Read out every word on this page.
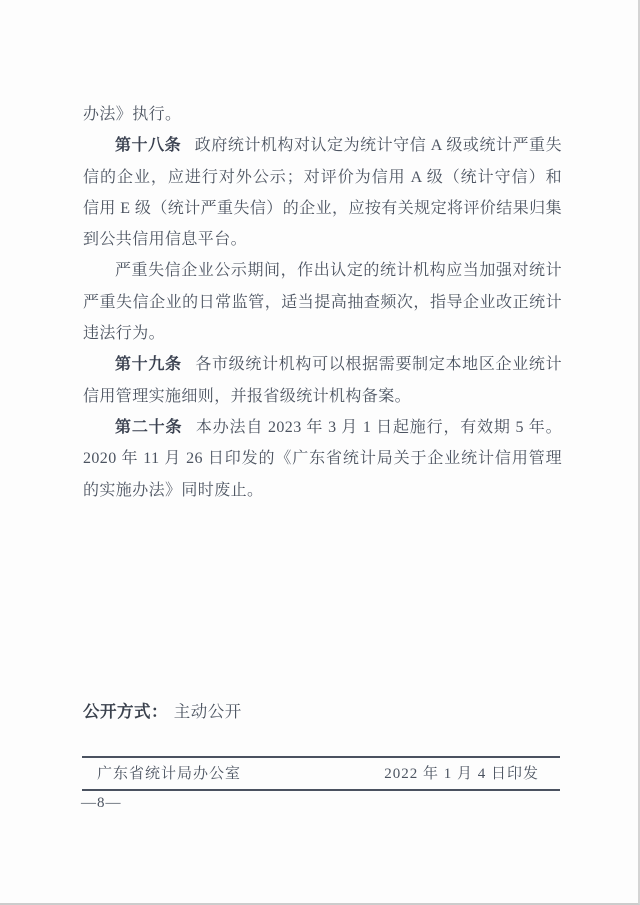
办法》执行。

第十八条 政府统计机构对认定为统计守信 A 级或统计严重失信的企业，应进行对外公示；对评价为信用 A 级（统计守信）和信用 E 级（统计严重失信）的企业，应按有关规定将评价结果归集到公共信用信息平台。

严重失信企业公示期间，作出认定的统计机构应当加强对统计严重失信企业的日常监管，适当提高抽查频次，指导企业改正统计违法行为。

第十九条 各市级统计机构可以根据需要制定本地区企业统计信用管理实施细则，并报省级统计机构备案。

第二十条 本办法自 2023 年 3 月 1 日起施行，有效期 5 年。2020 年 11 月 26 日印发的《广东省统计局关于企业统计信用管理的实施办法》同时废止。

公开方式： 主动公开
广东省统计局办公室	2022 年 1 月 4 日印发
—8—
